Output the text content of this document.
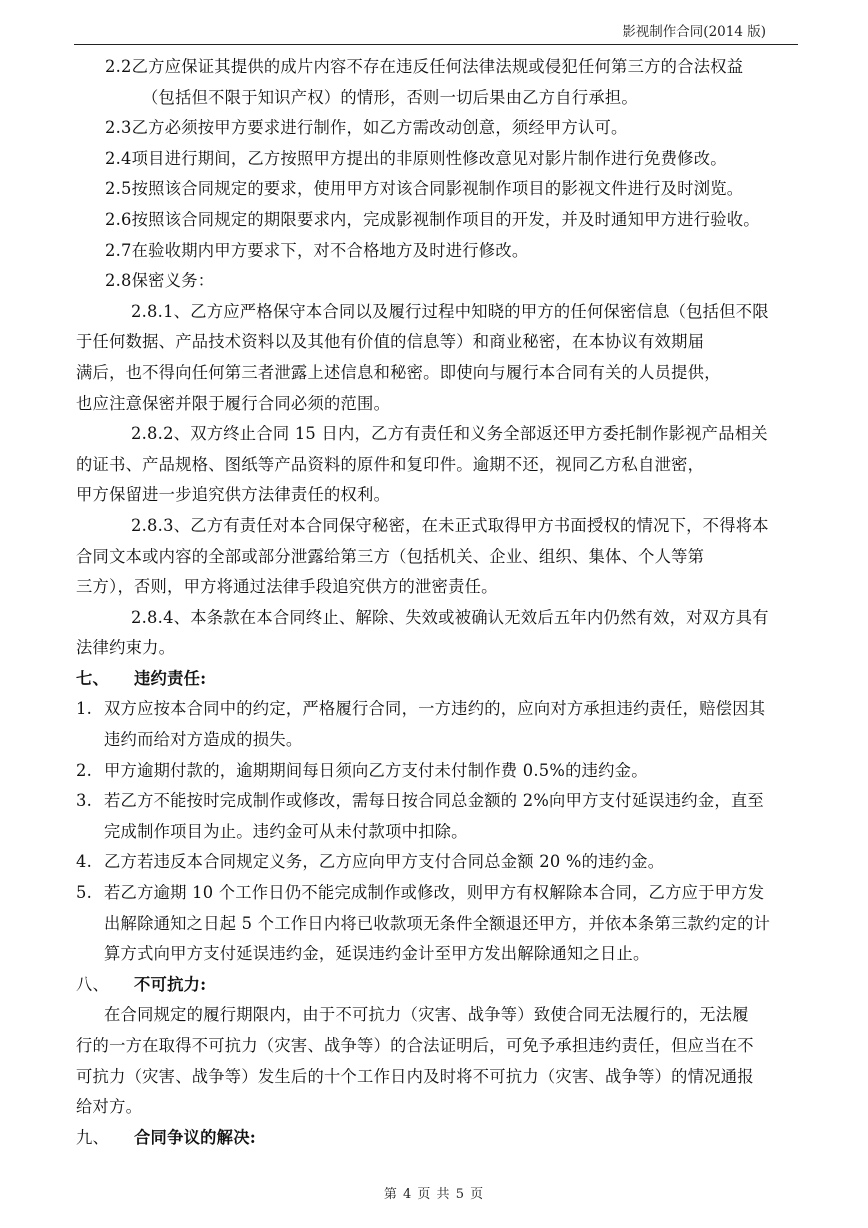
影视制作合同(2014 版)
2.2乙方应保证其提供的成片内容不存在违反任何法律法规或侵犯任何第三方的合法权益
（包括但不限于知识产权）的情形，否则一切后果由乙方自行承担。
2.3乙方必须按甲方要求进行制作，如乙方需改动创意，须经甲方认可。
2.4项目进行期间，乙方按照甲方提出的非原则性修改意见对影片制作进行免费修改。
2.5按照该合同规定的要求，使用甲方对该合同影视制作项目的影视文件进行及时浏览。
2.6按照该合同规定的期限要求内，完成影视制作项目的开发，并及时通知甲方进行验收。
2.7在验收期内甲方要求下，对不合格地方及时进行修改。
2.8保密义务：
2.8.1、乙方应严格保守本合同以及履行过程中知晓的甲方的任何保密信息（包括但不限
于任何数据、产品技术资料以及其他有价值的信息等）和商业秘密，在本协议有效期届
满后，也不得向任何第三者泄露上述信息和秘密。即使向与履行本合同有关的人员提供，
也应注意保密并限于履行合同必须的范围。
2.8.2、双方终止合同 15 日内，乙方有责任和义务全部返还甲方委托制作影视产品相关
的证书、产品规格、图纸等产品资料的原件和复印件。逾期不还，视同乙方私自泄密，
甲方保留进一步追究供方法律责任的权利。
2.8.3、乙方有责任对本合同保守秘密，在未正式取得甲方书面授权的情况下，不得将本
合同文本或内容的全部或部分泄露给第三方（包括机关、企业、组织、集体、个人等第
三方），否则，甲方将通过法律手段追究供方的泄密责任。
2.8.4、本条款在本合同终止、解除、失效或被确认无效后五年内仍然有效，对双方具有
法律约束力。
七、 违约责任:
1. 双方应按本合同中的约定，严格履行合同，一方违约的，应向对方承担违约责任，赔偿因其
违约而给对方造成的损失。
2. 甲方逾期付款的，逾期期间每日须向乙方支付未付制作费 0.5%的违约金。
3. 若乙方不能按时完成制作或修改，需每日按合同总金额的 2%向甲方支付延误违约金，直至
完成制作项目为止。违约金可从未付款项中扣除。
4. 乙方若违反本合同规定义务，乙方应向甲方支付合同总金额 20 %的违约金。
5. 若乙方逾期 10 个工作日仍不能完成制作或修改，则甲方有权解除本合同，乙方应于甲方发
出解除通知之日起 5 个工作日内将已收款项无条件全额退还甲方，并依本条第三款约定的计
算方式向甲方支付延误违约金，延误违约金计至甲方发出解除通知之日止。
八、 不可抗力:
在合同规定的履行期限内，由于不可抗力（灾害、战争等）致使合同无法履行的，无法履
行的一方在取得不可抗力（灾害、战争等）的合法证明后，可免予承担违约责任，但应当在不
可抗力（灾害、战争等）发生后的十个工作日内及时将不可抗力（灾害、战争等）的情况通报
给对方。
九、 合同争议的解决:
第 4 页 共 5 页
